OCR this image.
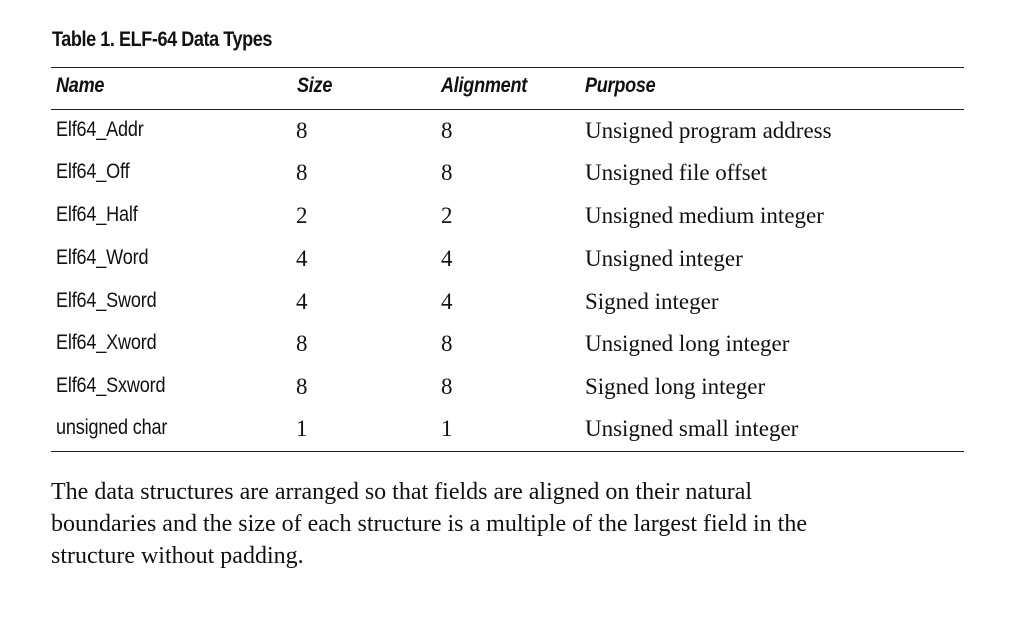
Table 1. ELF-64 Data Types
Name	Size	Alignment	Purpose
Elf64_Addr	8	8	Unsigned program address
Elf64_Off	8	8	Unsigned file offset
Elf64_Half	2	2	Unsigned medium integer
Elf64_Word	4	4	Unsigned integer
Elf64_Sword	4	4	Signed integer
Elf64_Xword	8	8	Unsigned long integer
Elf64_Sxword	8	8	Signed long integer
unsigned char	1	1	Unsigned small integer
The data structures are arranged so that fields are aligned on their natural
boundaries and the size of each structure is a multiple of the largest field in the
structure without padding.
